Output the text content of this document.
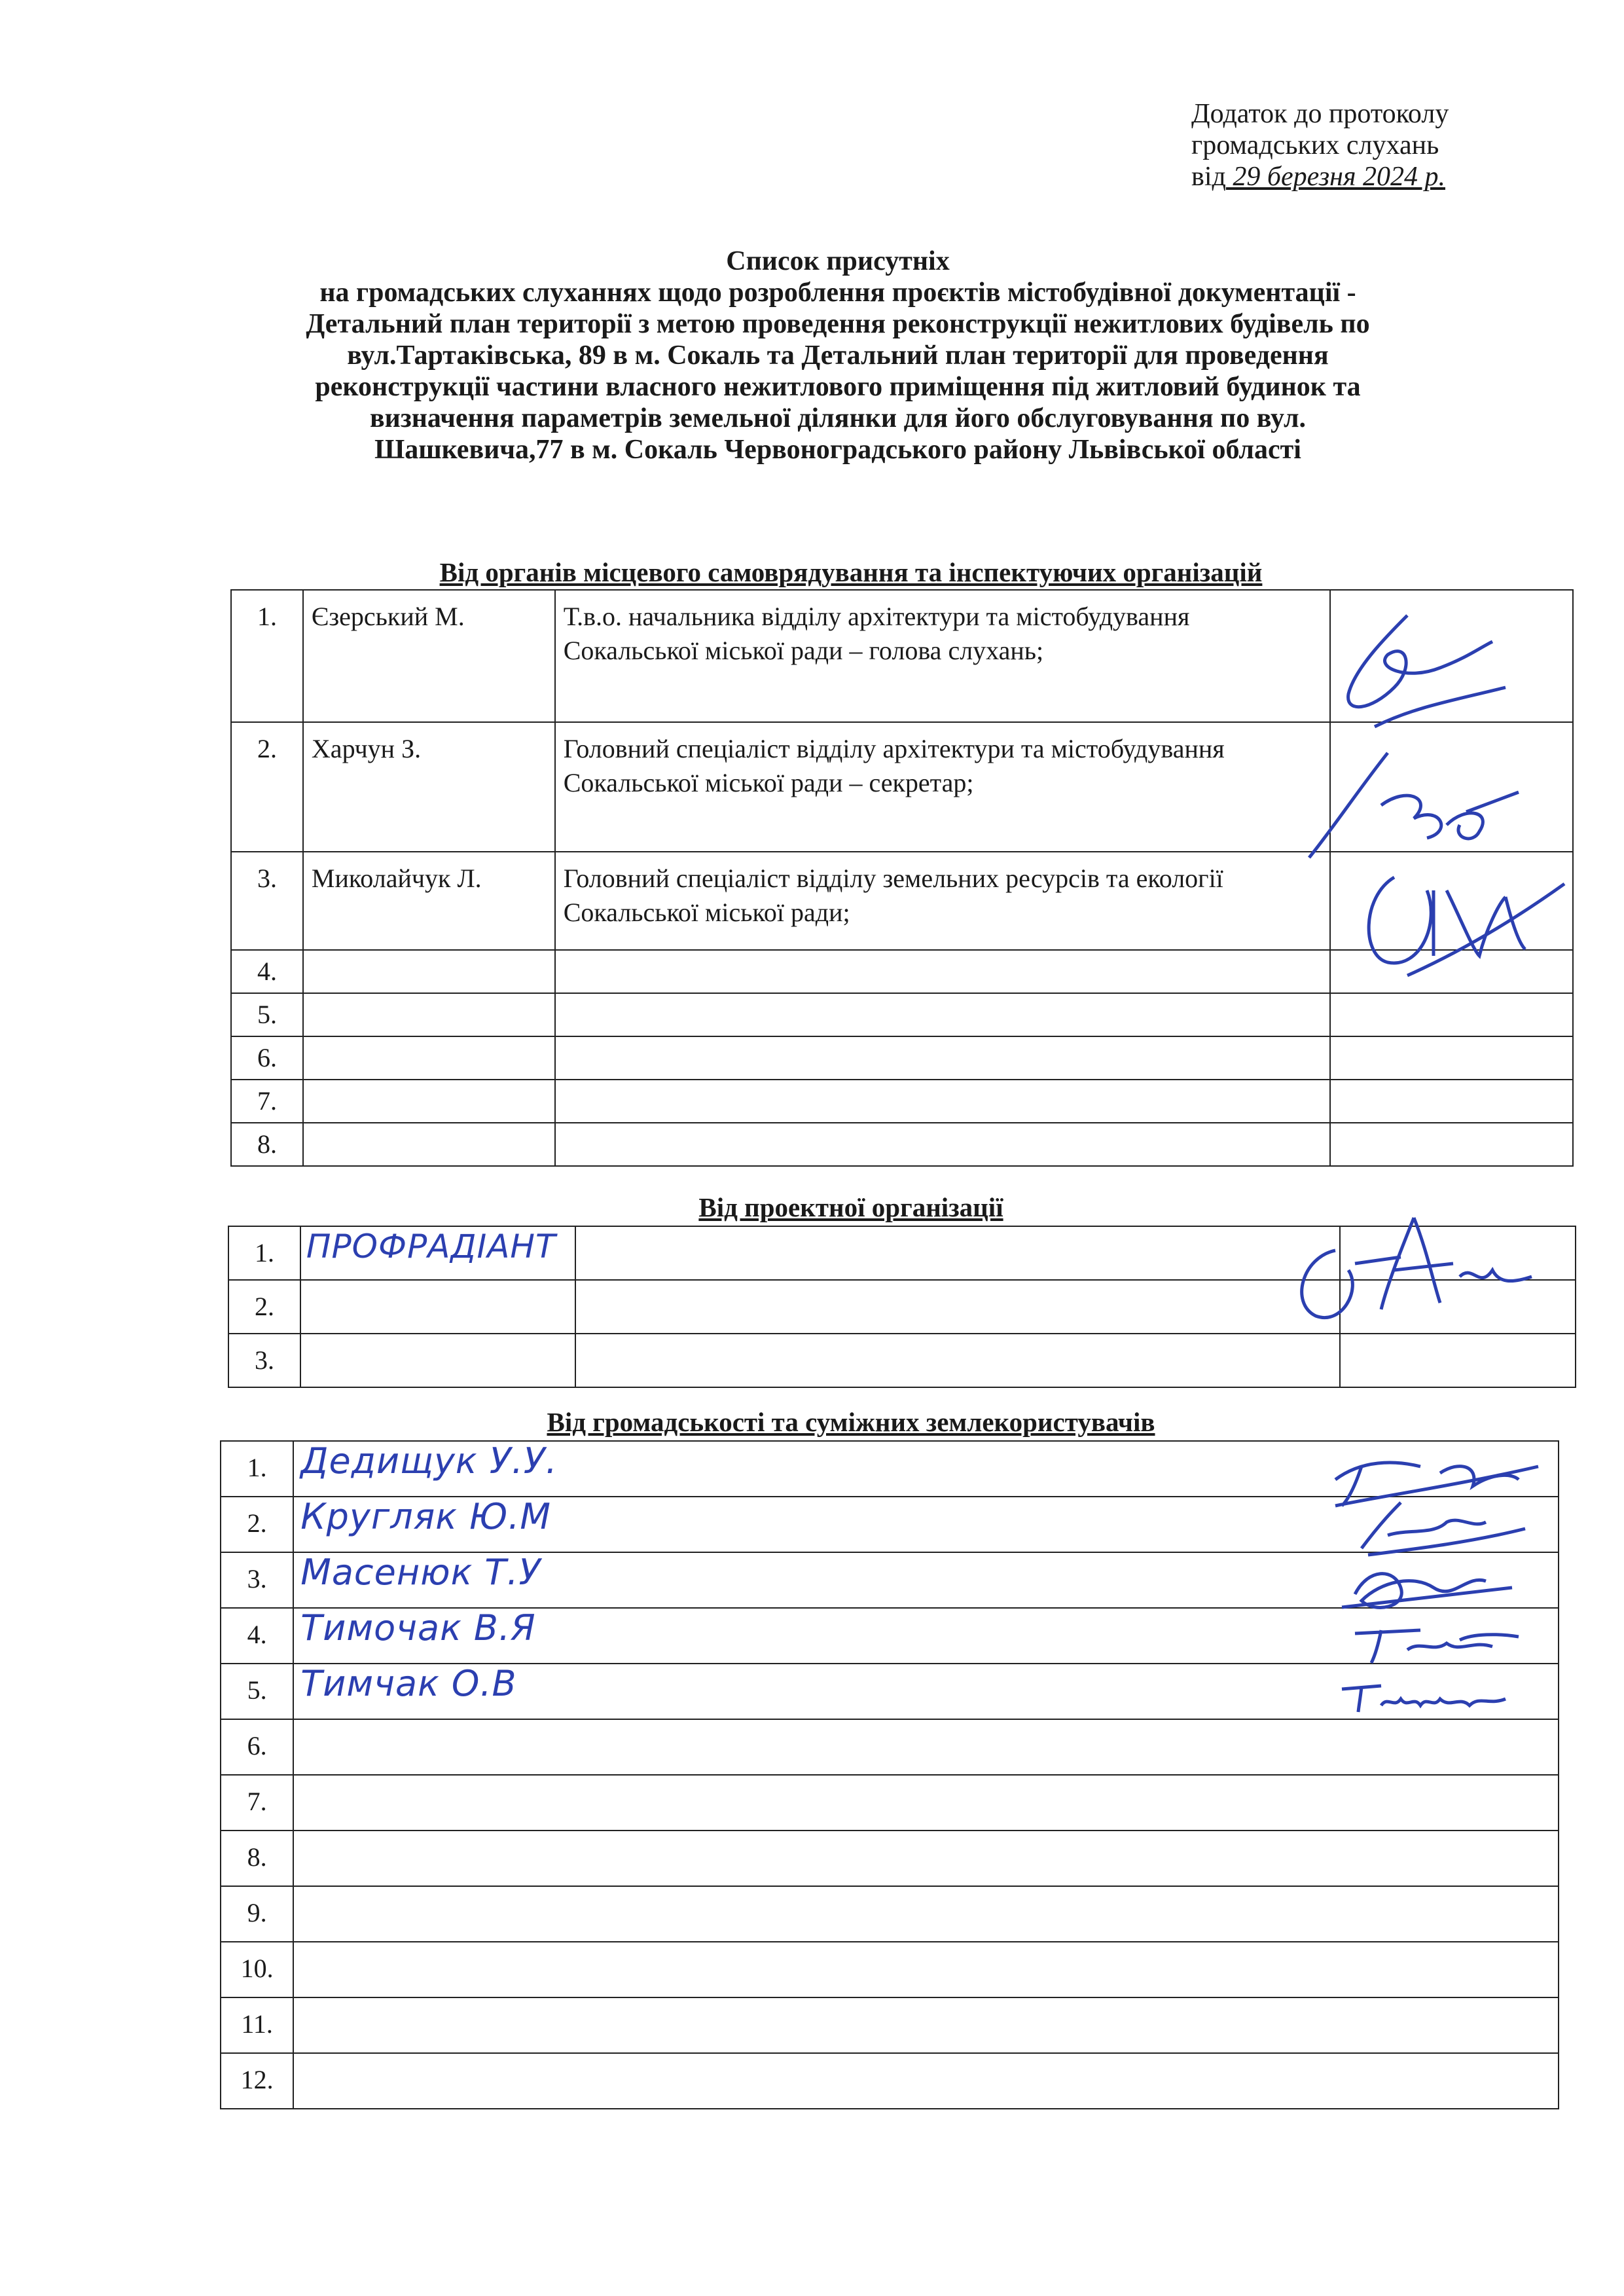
Додаток до протоколу
громадських слухань
від 29 березня 2024 р.
Список присутніх
на громадських слуханнях щодо розроблення проєктів містобудівної документації -
Детальний план території з метою проведення реконструкції нежитлових будівель по
вул.Тартаківська, 89 в м. Сокаль та Детальний план території для проведення
реконструкції частини власного нежитлового приміщення під житловий будинок та
визначення параметрів земельної ділянки для його обслуговування по вул.
Шашкевича,77 в м. Сокаль Червоноградського району Львівської області
Від органів місцевого самоврядування та інспектуючих організацій
1.	Єзерський М.	Т.в.о. начальника відділу архітектури та містобудування Сокальської міської ради – голова слухань;	
2.	Харчун З.	Головний спеціаліст відділу архітектури та містобудування Сокальської міської ради – секретар;	
3.	Миколайчук Л.	Головний спеціаліст відділу земельних ресурсів та екології Сокальської міської ради;	
4.			
5.			
6.			
7.			
8.			
Від проектної організації
1.	ПРОФРАДІАНТ		
2.			
3.			
Від громадськості та суміжних землекористувачів
1.	Дедищук У.У.
2.	Кругляк Ю.М
3.	Масенюк Т.У
4.	Тимочак В.Я
5.	Тимчак О.В
6.	
7.	
8.	
9.	
10.	
11.	
12.	
